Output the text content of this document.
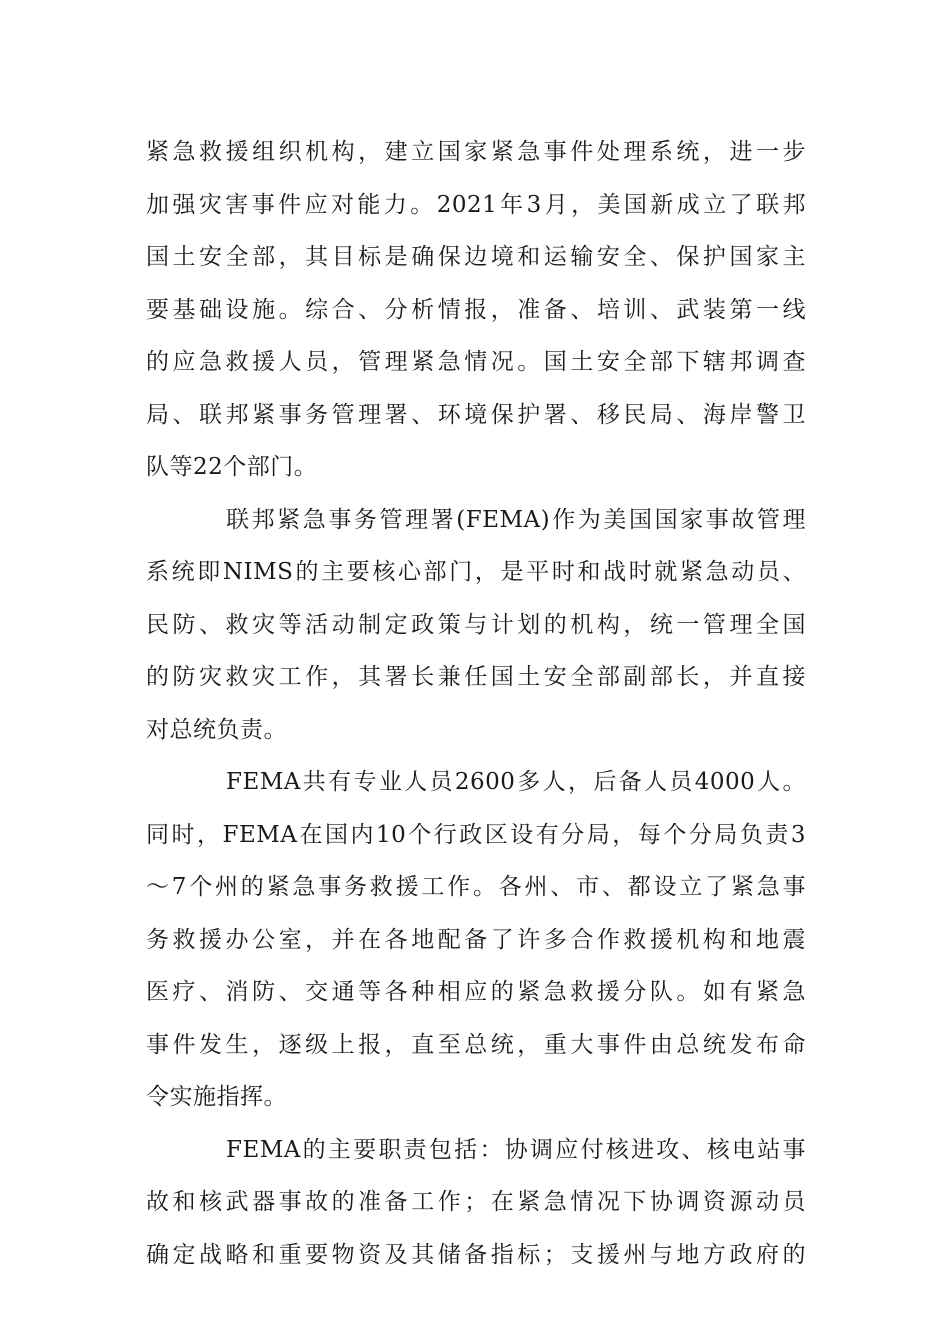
紧急救援组织机构，建立国家紧急事件处理系统，进一步
加强灾害事件应对能力。2021年3月，美国新成立了联邦
国土安全部，其目标是确保边境和运输安全、保护国家主
要基础设施。综合、分析情报，准备、培训、武装第一线
的应急救援人员，管理紧急情况。国土安全部下辖邦调查
局、联邦紧事务管理署、环境保护署、移民局、海岸警卫
队等22个部门。
联邦紧急事务管理署(FEMA)作为美国国家事故管理
系统即NIMS的主要核心部门，是平时和战时就紧急动员、
民防、救灾等活动制定政策与计划的机构，统一管理全国
的防灾救灾工作，其署长兼任国土安全部副部长，并直接
对总统负责。
FEMA共有专业人员2600多人，后备人员4000人。
同时，FEMA在国内10个行政区设有分局，每个分局负责3
～7个州的紧急事务救援工作。各州、市、都设立了紧急事
务救援办公室，并在各地配备了许多合作救援机构和地震
医疗、消防、交通等各种相应的紧急救援分队。如有紧急
事件发生，逐级上报，直至总统，重大事件由总统发布命
令实施指挥。
FEMA的主要职责包括：协调应付核进攻、核电站事
故和核武器事故的准备工作；在紧急情况下协调资源动员
确定战略和重要物资及其储备指标；支援州与地方政府的
